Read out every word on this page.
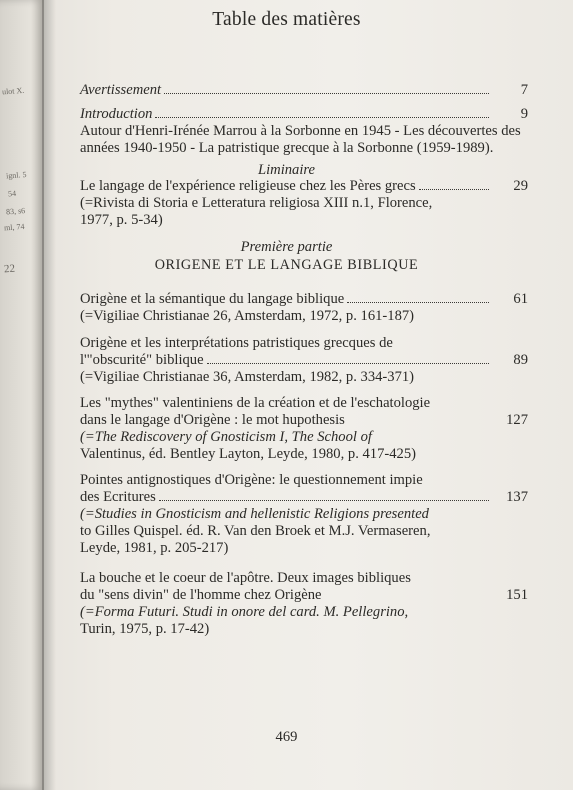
ulot X.
ignl. 5
54
83, s6
ml, 74
22
Table des matières
Avertissement	7
Introduction	9
Autour d'Henri-Irénée Marrou à la Sorbonne en 1945 - Les découvertes des
années 1940-1950 - La patristique grecque à la Sorbonne (1959-1989).
Liminaire
Le langage de l'expérience religieuse chez les Pères grecs	29
(=Rivista di Storia e Letteratura religiosa XIII n.1, Florence,
1977, p. 5-34)
Première partie
ORIGENE ET LE LANGAGE BIBLIQUE
Origène et la sémantique du langage biblique	61
(=Vigiliae Christianae 26, Amsterdam, 1972, p. 161-187)
Origène et les interprétations patristiques grecques de
l'"obscurité" biblique	89
(=Vigiliae Christianae 36, Amsterdam, 1982, p. 334-371)
Les "mythes" valentiniens de la création et de l'eschatologie
dans le langage d'Origène : le mot hupothesis	127
(=The Rediscovery of Gnosticism I, The School of
Valentinus, éd. Bentley Layton, Leyde, 1980, p. 417-425)
Pointes antignostiques d'Origène: le questionnement impie
des Ecritures	137
(=Studies in Gnosticism and hellenistic Religions presented
to Gilles Quispel. éd. R. Van den Broek et M.J. Vermaseren,
Leyde, 1981, p. 205-217)
La bouche et le coeur de l'apôtre. Deux images bibliques
du "sens divin" de l'homme chez Origène	151
(=Forma Futuri. Studi in onore del card. M. Pellegrino,
Turin, 1975, p. 17-42)
469
